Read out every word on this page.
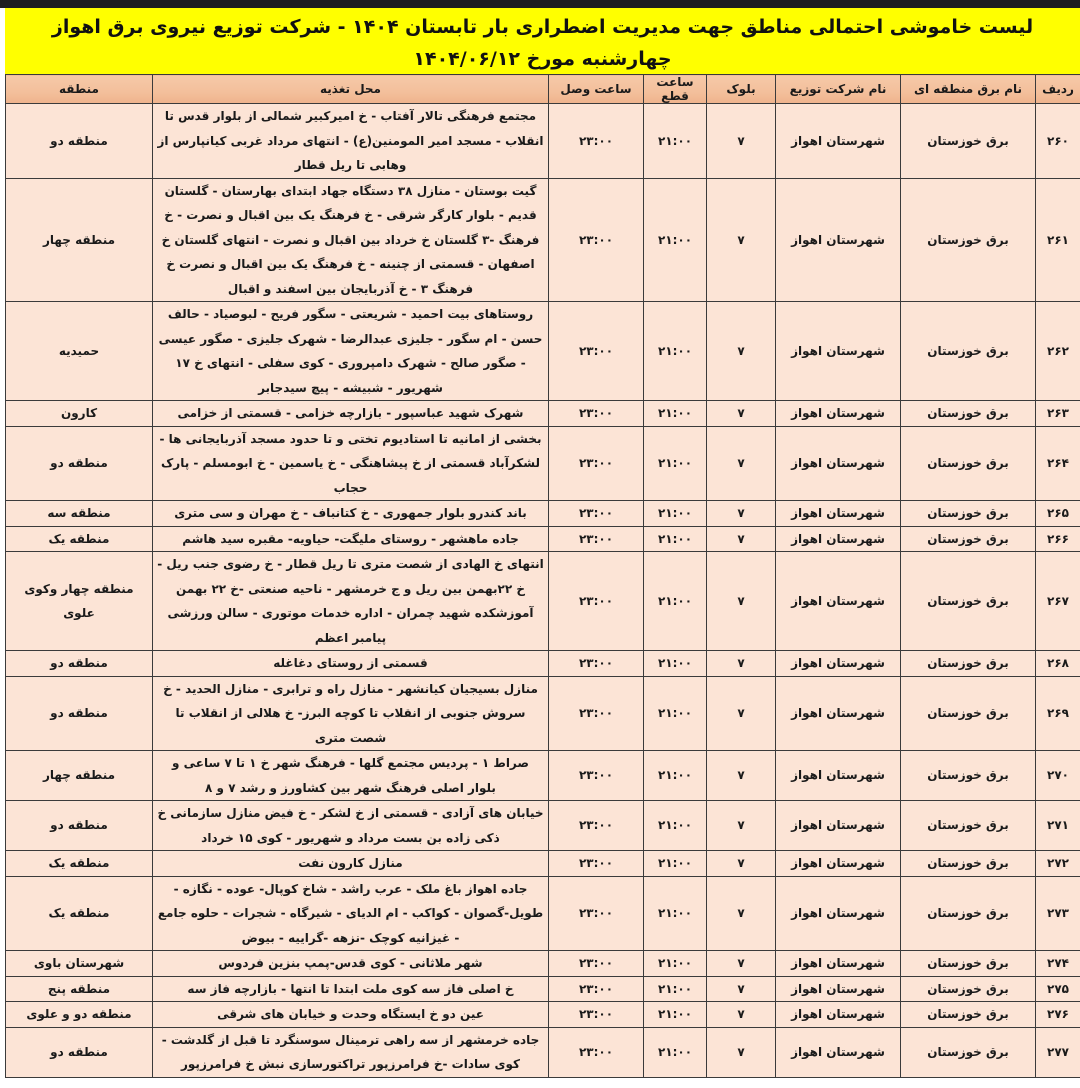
لیست خاموشی احتمالی مناطق جهت مدیریت اضطراری بار تابستان ۱۴۰۴ - شرکت توزیع نیروی برق اهواز
چهارشنبه مورخ ۱۴۰۴/۰۶/۱۲
ردیف	نام برق منطقه ای	نام شرکت توزیع	بلوک	ساعت قطع	ساعت وصل	محل تغذیه	منطقه
۲۶۰	برق خوزستان	شهرستان اهواز	۷	۲۱:۰۰	۲۳:۰۰	مجتمع فرهنگی تالار آفتاب - خ امیرکبیر شمالی از بلوار قدس تا انقلاب - مسجد امیر المومنین(ع) - انتهای مرداد غربی کیانپارس از وهابی تا ریل قطار	منطقه دو
۲۶۱	برق خوزستان	شهرستان اهواز	۷	۲۱:۰۰	۲۳:۰۰	گیت بوستان - منازل ۳۸ دستگاه جهاد ابتدای بهارستان - گلستان قدیم - بلوار کارگر شرقی - خ فرهنگ یک بین اقبال و نصرت - خ فرهنگ -۳ گلستان خ خرداد بین اقبال و نصرت - انتهای گلستان خ اصفهان - قسمتی از چنینه - خ فرهنگ یک بین اقبال و نصرت خ فرهنگ ۳ - خ آذربایجان بین اسفند و اقبال	منطقه چهار
۲۶۲	برق خوزستان	شهرستان اهواز	۷	۲۱:۰۰	۲۳:۰۰	روستاهای بیت احمید - شریعتی - سگور فریح - لبوصیاد - حالف حسن - ام سگور - جلیزی عبدالرضا - شهرک جلیزی - صگور عیسی - صگور صالح - شهرک دامپروری - کوی سفلی - انتهای خ ۱۷ شهریور - شبیشه - پیچ سیدجابر	حمیدیه
۲۶۳	برق خوزستان	شهرستان اهواز	۷	۲۱:۰۰	۲۳:۰۰	شهرک شهید عباسپور - بازارچه خزامی - قسمتی از خزامی	کارون
۲۶۴	برق خوزستان	شهرستان اهواز	۷	۲۱:۰۰	۲۳:۰۰	بخشی از امانیه تا استادیوم تختی و تا حدود مسجد آذربایجانی ها - لشکرآباد قسمتی از خ پیشاهنگی - خ یاسمین - خ ابومسلم - پارک حجاب	منطقه دو
۲۶۵	برق خوزستان	شهرستان اهواز	۷	۲۱:۰۰	۲۳:۰۰	باند کندرو بلوار جمهوری - خ کتانباف - خ مهران و سی متری	منطقه سه
۲۶۶	برق خوزستان	شهرستان اهواز	۷	۲۱:۰۰	۲۳:۰۰	جاده ماهشهر - روستای ملیگت- حیاویه- مقبره سید هاشم	منطقه یک
۲۶۷	برق خوزستان	شهرستان اهواز	۷	۲۱:۰۰	۲۳:۰۰	انتهای خ الهادی از شصت متری تا ریل قطار - خ رضوی جنب ریل - خ ۲۲بهمن بین ریل و ج خرمشهر - ناحیه صنعتی -خ ۲۲ بهمن آموزشکده شهید چمران - اداره خدمات موتوری - سالن ورزشی پیامبر اعظم	منطقه چهار وکوی علوی
۲۶۸	برق خوزستان	شهرستان اهواز	۷	۲۱:۰۰	۲۳:۰۰	قسمتی از روستای دغاغله	منطقه دو
۲۶۹	برق خوزستان	شهرستان اهواز	۷	۲۱:۰۰	۲۳:۰۰	منازل بسیجیان کیانشهر - منازل راه و ترابری - منازل الحدید - خ سروش جنوبی از انقلاب تا کوچه البرز- خ هلالی از انقلاب تا شصت متری	منطقه دو
۲۷۰	برق خوزستان	شهرستان اهواز	۷	۲۱:۰۰	۲۳:۰۰	صراط ۱ - پردیس مجتمع گلها - فرهنگ شهر خ ۱ تا ۷ ساعی و بلوار اصلی فرهنگ شهر بین کشاورز و رشد ۷ و ۸	منطقه چهار
۲۷۱	برق خوزستان	شهرستان اهواز	۷	۲۱:۰۰	۲۳:۰۰	خیابان های آزادی - قسمتی از خ لشکر - خ فیض منازل سازمانی خ ذکی زاده بن بست مرداد و شهریور - کوی ۱۵ خرداد	منطقه دو
۲۷۲	برق خوزستان	شهرستان اهواز	۷	۲۱:۰۰	۲۳:۰۰	منازل کارون نفت	منطقه یک
۲۷۳	برق خوزستان	شهرستان اهواز	۷	۲۱:۰۰	۲۳:۰۰	جاده اهواز باغ ملک - عرب راشد - شاخ کوپال- عوده - نگازه - طویل-گصوان - کواکب - ام الدیای - شیرگاه - شجرات - حلوه جامع - غیزانیه کوچک -نزهه -گراییه - بیوض	منطقه یک
۲۷۴	برق خوزستان	شهرستان اهواز	۷	۲۱:۰۰	۲۳:۰۰	شهر ملاثانی - کوی قدس-پمپ بنزین فردوس	شهرستان باوی
۲۷۵	برق خوزستان	شهرستان اهواز	۷	۲۱:۰۰	۲۳:۰۰	خ اصلی فاز سه کوی ملت ابتدا تا انتها - بازارچه فاز سه	منطقه پنج
۲۷۶	برق خوزستان	شهرستان اهواز	۷	۲۱:۰۰	۲۳:۰۰	عین دو خ ایستگاه وحدت و خیابان های شرقی	منطقه دو و علوی
۲۷۷	برق خوزستان	شهرستان اهواز	۷	۲۱:۰۰	۲۳:۰۰	جاده خرمشهر از سه راهی ترمینال سوسنگرد تا قبل از گلدشت - کوی سادات -خ فرامرزپور تراکتورسازی نبش خ فرامرزپور	منطقه دو
